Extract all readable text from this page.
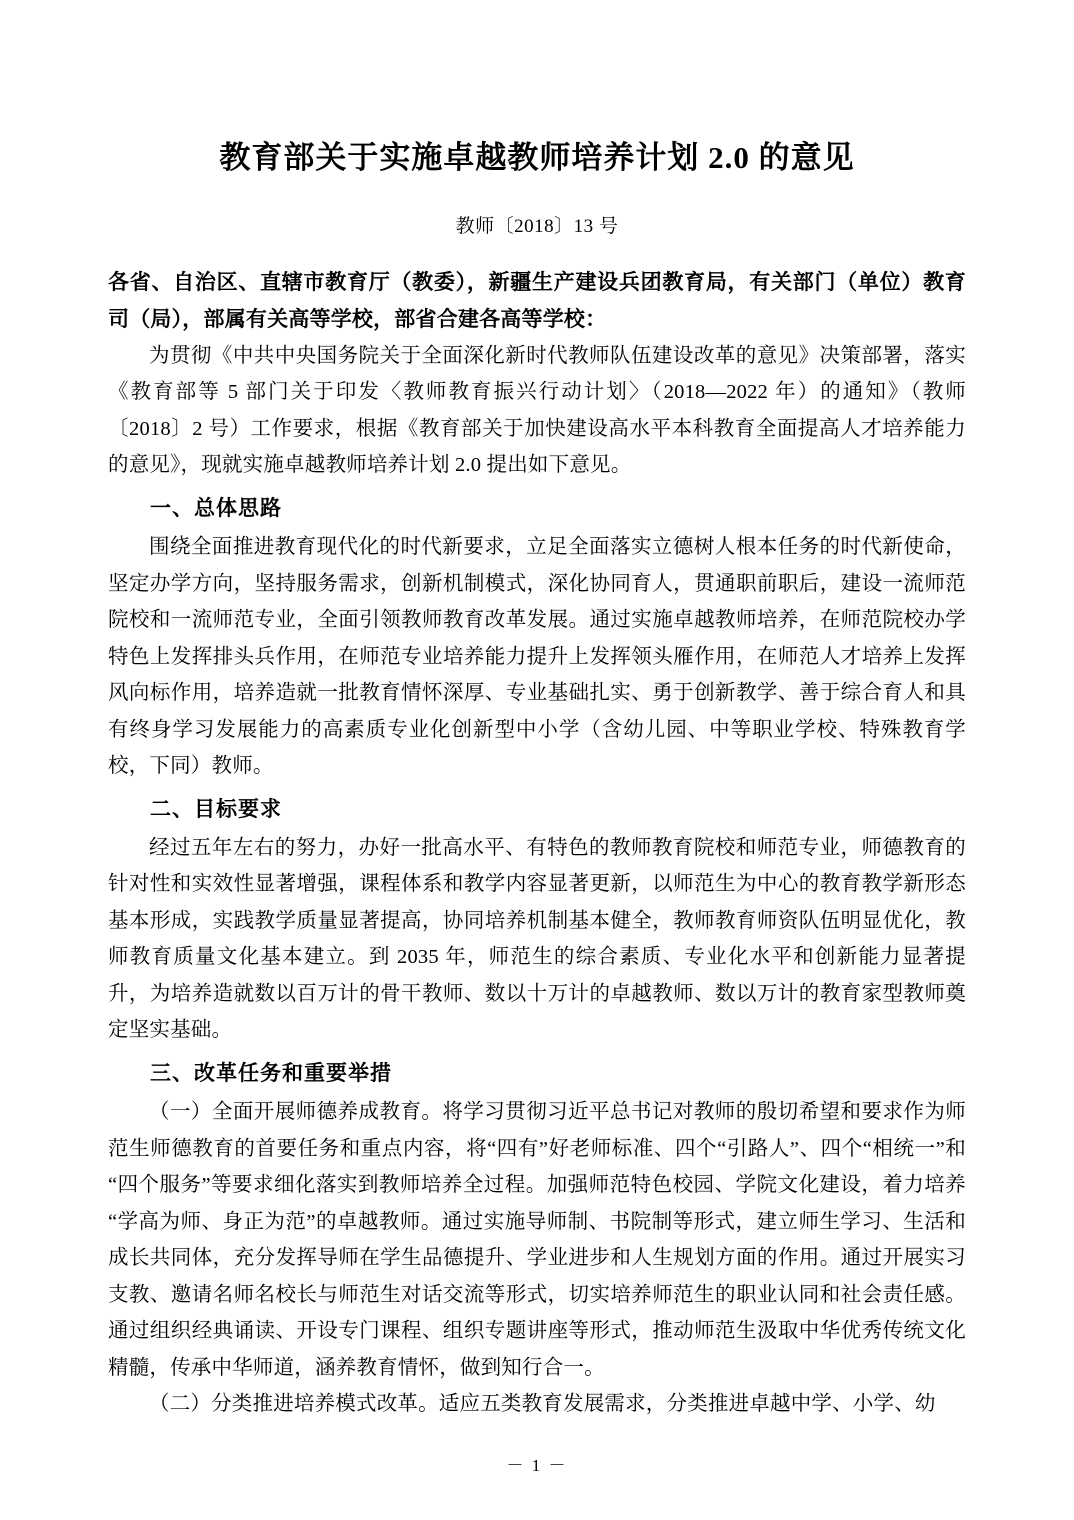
教育部关于实施卓越教师培养计划 2.0 的意见
教师〔2018〕13 号
各省、自治区、直辖市教育厅（教委），新疆生产建设兵团教育局，有关部门（单位）教育司（局），部属有关高等学校，部省合建各高等学校：

为贯彻《中共中央国务院关于全面深化新时代教师队伍建设改革的意见》决策部署，落实《教育部等 5 部门关于印发〈教师教育振兴行动计划〉（2018—2022 年）的通知》（教师〔2018〕2 号）工作要求，根据《教育部关于加快建设高水平本科教育全面提高人才培养能力的意见》，现就实施卓越教师培养计划 2.0 提出如下意见。

一、总体思路

围绕全面推进教育现代化的时代新要求，立足全面落实立德树人根本任务的时代新使命，坚定办学方向，坚持服务需求，创新机制模式，深化协同育人，贯通职前职后，建设一流师范院校和一流师范专业，全面引领教师教育改革发展。通过实施卓越教师培养，在师范院校办学特色上发挥排头兵作用，在师范专业培养能力提升上发挥领头雁作用，在师范人才培养上发挥风向标作用，培养造就一批教育情怀深厚、专业基础扎实、勇于创新教学、善于综合育人和具有终身学习发展能力的高素质专业化创新型中小学（含幼儿园、中等职业学校、特殊教育学校，下同）教师。

二、目标要求

经过五年左右的努力，办好一批高水平、有特色的教师教育院校和师范专业，师德教育的针对性和实效性显著增强，课程体系和教学内容显著更新，以师范生为中心的教育教学新形态基本形成，实践教学质量显著提高，协同培养机制基本健全，教师教育师资队伍明显优化，教师教育质量文化基本建立。到 2035 年，师范生的综合素质、专业化水平和创新能力显著提升，为培养造就数以百万计的骨干教师、数以十万计的卓越教师、数以万计的教育家型教师奠定坚实基础。

三、改革任务和重要举措

（一）全面开展师德养成教育。将学习贯彻习近平总书记对教师的殷切希望和要求作为师范生师德教育的首要任务和重点内容，将“四有”好老师标准、四个“引路人”、四个“相统一”和“四个服务”等要求细化落实到教师培养全过程。加强师范特色校园、学院文化建设，着力培养“学高为师、身正为范”的卓越教师。通过实施导师制、书院制等形式，建立师生学习、生活和成长共同体，充分发挥导师在学生品德提升、学业进步和人生规划方面的作用。通过开展实习支教、邀请名师名校长与师范生对话交流等形式，切实培养师范生的职业认同和社会责任感。通过组织经典诵读、开设专门课程、组织专题讲座等形式，推动师范生汲取中华优秀传统文化精髓，传承中华师道，涵养教育情怀，做到知行合一。

（二）分类推进培养模式改革。适应五类教育发展需求，分类推进卓越中学、小学、幼

－ 1 －
